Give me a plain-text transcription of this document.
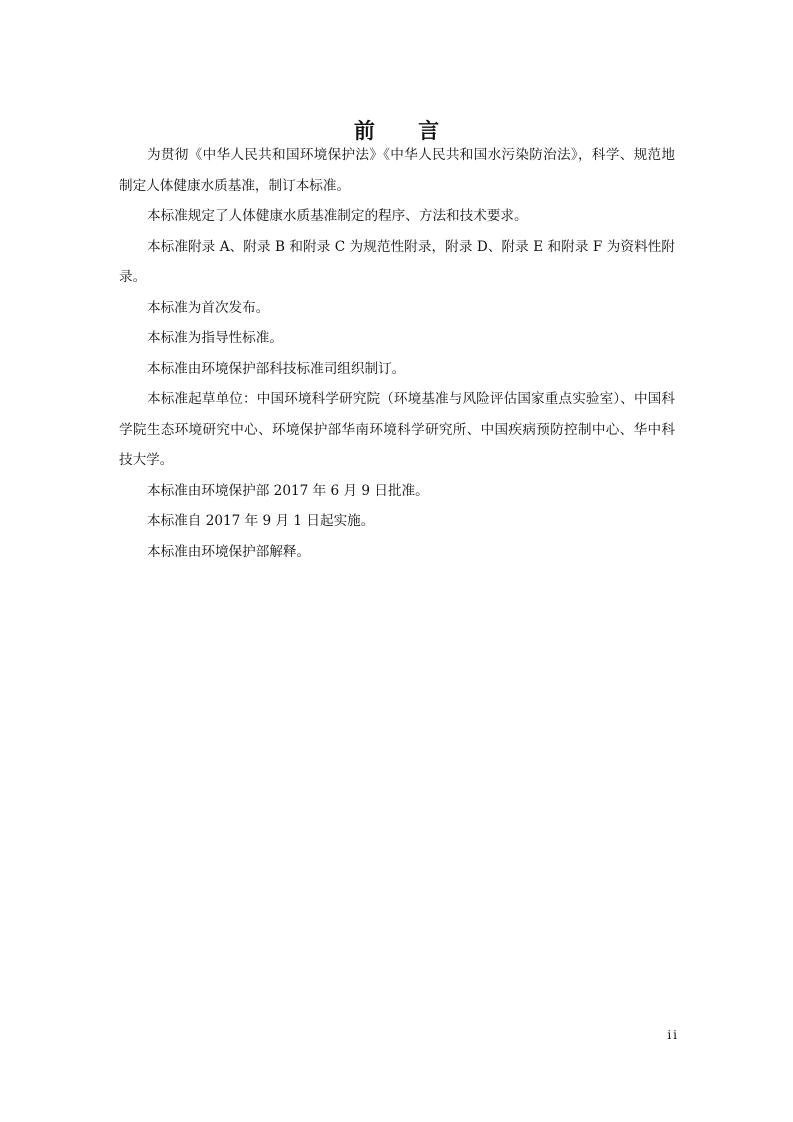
前 言

为贯彻《中华人民共和国环境保护法》《中华人民共和国水污染防治法》，科学、规范地制定人体健康水质基准，制订本标准。

本标准规定了人体健康水质基准制定的程序、方法和技术要求。

本标准附录 A、附录 B 和附录 C 为规范性附录，附录 D、附录 E 和附录 F 为资料性附录。

本标准为首次发布。

本标准为指导性标准。

本标准由环境保护部科技标准司组织制订。

本标准起草单位：中国环境科学研究院（环境基准与风险评估国家重点实验室）、中国科学院生态环境研究中心、环境保护部华南环境科学研究所、中国疾病预防控制中心、华中科技大学。

本标准由环境保护部 2017 年 6 月 9 日批准。

本标准自 2017 年 9 月 1 日起实施。

本标准由环境保护部解释。

ii
